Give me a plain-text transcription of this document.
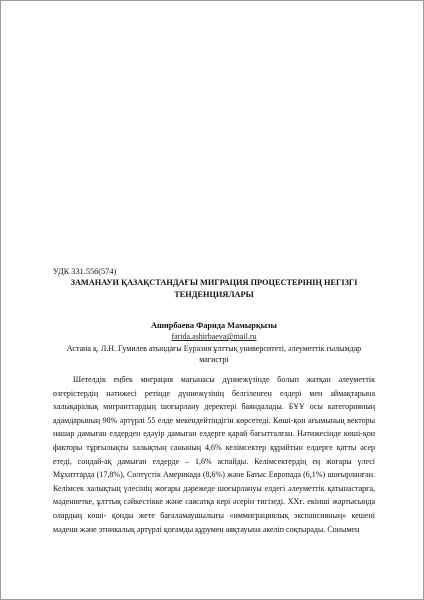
УДК 331.556(574)

ЗАМАНАУИ ҚАЗАҚСТАНДАҒЫ МИГРАЦИЯ ПРОЦЕСТЕРІНІҢ НЕГІЗГІ ТЕНДЕНЦИЯЛАРЫ

Аширбаева Фарида Мамырқызы

farida.ashirbaeva@mail.ru

Астана қ. Л.Н. Гумилев атындағы Еуразия ұлттық университеті, әлеуметтік ғылымдар магистрі

Шетелдік еңбек миграция мағынасы дүниежүзінде болып жатқан әлеуметтік өзгерістердің нәтижесі ретінде дүниежүзінің белгіленген елдері мен аймақтарына халықаралық мигранттардың шоғырлану деректері баяндалады. БҰҰ осы категорияның адамдарының 90% әртүрлі 55 елде мекендейтіндігін көрсетеді. Көші-қон ағымының векторы нашар дамыған елдерден едәуір дамыған елдерге қарай бағытталған. Нәтижесінде көші-қон факторы тұрғылықты халықтың санының 4,6% келімсектер құрайтын елдерге қатты әсер етеді, сондай-ақ дамыған елдерде – 1,6% аспайды. Келімсектердің ең жоғары үлесі Мұхиттарда (17,8%), Солтүстік Америкада (8,6%) және Батыс Европада (6,1%) шоғырланған. Келімсек халықтың үлесінің жоғары дәрежеде шоғырлануы елдегі әлеуметтік қатынастарға, мәдениетке, ұлттық сәйкестікке және саясатқа кері әсерін тигізеді. ХХғ. екінші жартысында олардың көші- қонды жете бағаламаушылығы «иммиграциялық экспансияның» кешені мәдени және этникалық әртүрлі қоғамды құрумен аяқтауына әкеліп соқтырады. Сонымен
